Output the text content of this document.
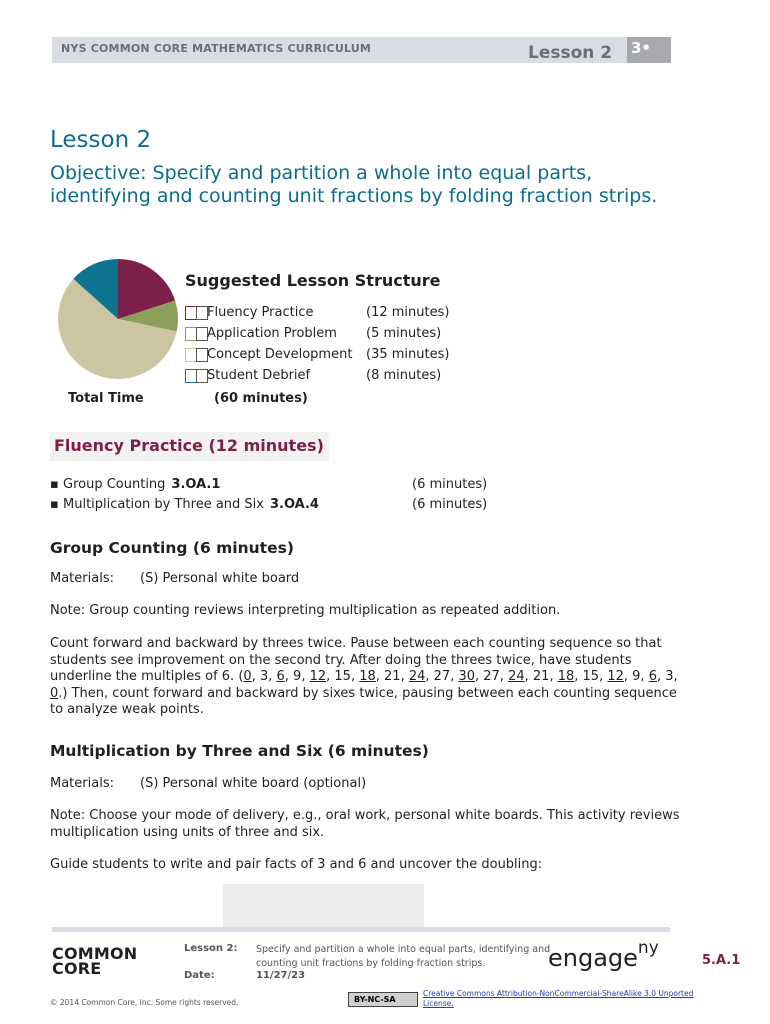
NYS COMMON CORE MATHEMATICS CURRICULUM	Lesson 2 3•
Lesson 2
Objective: Specify and partition a whole into equal parts, identifying and counting unit fractions by folding fraction strips.
Total Time	(60 minutes)
Suggested Lesson Structure
Fluency Practice	(12 minutes)
Application Problem (5 minutes)
Concept Development (35 minutes)
Student Debrief	(8 minutes)
Fluency Practice (12 minutes)
▪ Group Counting 3.OA.1	(6 minutes)
▪ Multiplication by Three and Six 3.OA.4	(6 minutes)
Group Counting (6 minutes)
Materials: (S) Personal white board
Note: Group counting reviews interpreting multiplication as repeated addition.
Count forward and backward by threes twice. Pause between each counting sequence so that students see improvement on the second try. After doing the threes twice, have students underline the multiples of 6. (0, 3, 6, 9, 12, 15, 18, 21, 24, 27, 30, 27, 24, 21, 18, 15, 12, 9, 6, 3, 0.) Then, count forward and backward by sixes twice, pausing between each counting sequence to analyze weak points.
Multiplication by Three and Six (6 minutes)
Materials: (S) Personal white board (optional)
Note: Choose your mode of delivery, e.g., oral work, personal white boards. This activity reviews multiplication using units of three and six.
Guide students to write and pair facts of 3 and 6 and uncover the doubling:
COMMON
CORE
Lesson 2: Specify and partition a whole into equal parts, identifying and counting unit fractions by folding fraction strips.
Date:	11/27/23
engage$^{ny}$
5.A.1
© 2014 Common Core, Inc. Some rights reserved.	BY-NC-SA
Creative Commons Attribution-NonCommercial-ShareAlike 3.0 Unported License.
